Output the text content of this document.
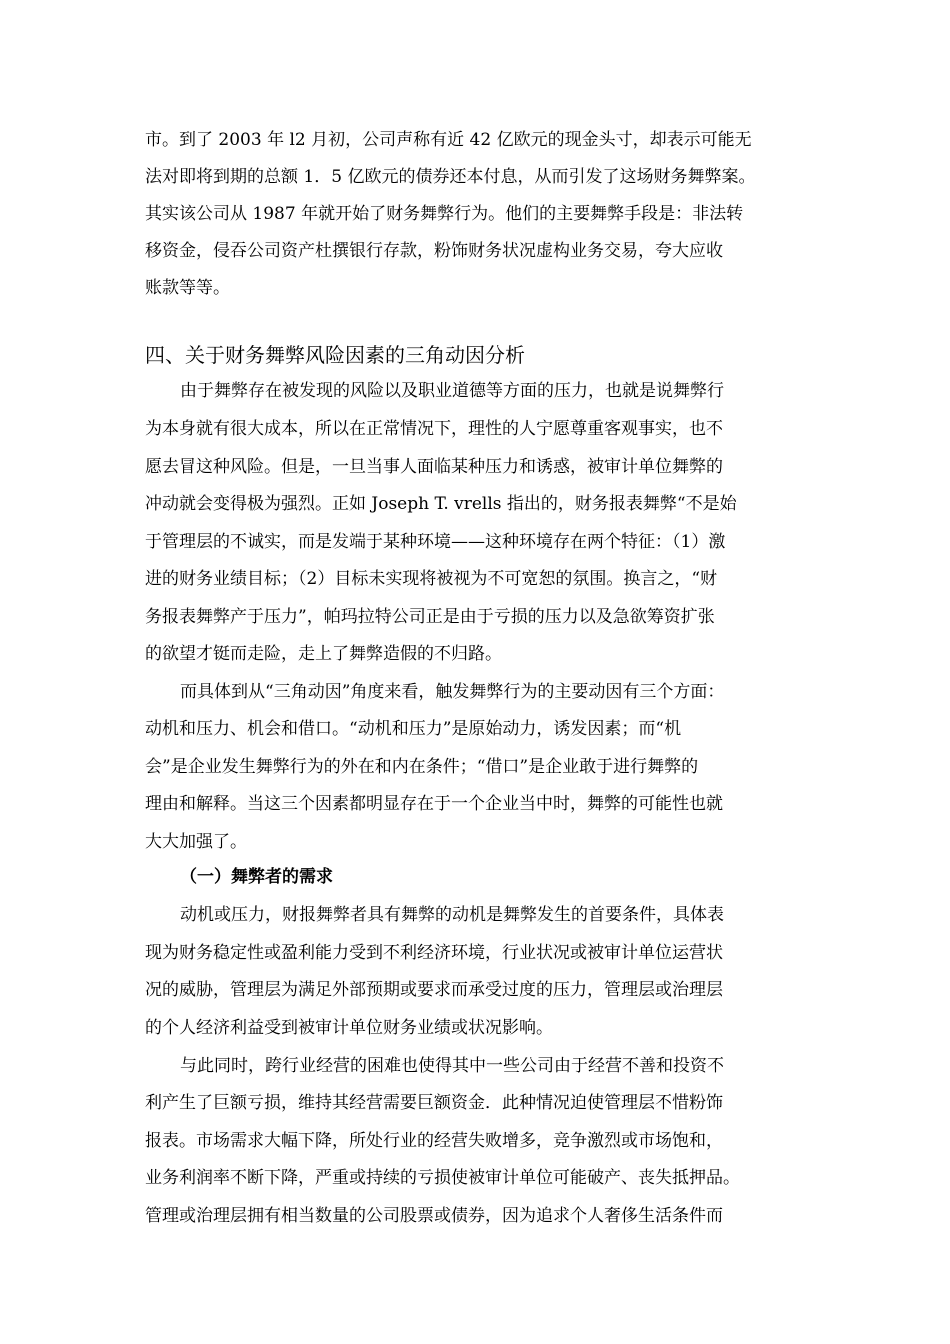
市。到了 2003 年 l2 月初，公司声称有近 42 亿欧元的现金头寸，却表示可能无
法对即将到期的总额 1．5 亿欧元的债券还本付息，从而引发了这场财务舞弊案。
其实该公司从 1987 年就开始了财务舞弊行为。他们的主要舞弊手段是：非法转
移资金，侵吞公司资产杜撰银行存款，粉饰财务状况虚构业务交易，夸大应收
账款等等。
四、关于财务舞弊风险因素的三角动因分析
由于舞弊存在被发现的风险以及职业道德等方面的压力，也就是说舞弊行
为本身就有很大成本，所以在正常情况下，理性的人宁愿尊重客观事实，也不
愿去冒这种风险。但是，一旦当事人面临某种压力和诱惑，被审计单位舞弊的
冲动就会变得极为强烈。正如 Joseph T. vrells 指出的，财务报表舞弊“不是始
于管理层的不诚实，而是发端于某种环境——这种环境存在两个特征：（1）激
进的财务业绩目标；（2）目标未实现将被视为不可宽恕的氛围。换言之，“财
务报表舞弊产于压力”，帕玛拉特公司正是由于亏损的压力以及急欲筹资扩张
的欲望才铤而走险，走上了舞弊造假的不归路。
而具体到从“三角动因”角度来看，触发舞弊行为的主要动因有三个方面：
动机和压力、机会和借口。“动机和压力”是原始动力，诱发因素；而“机
会”是企业发生舞弊行为的外在和内在条件；“借口”是企业敢于进行舞弊的
理由和解释。当这三个因素都明显存在于一个企业当中时，舞弊的可能性也就
大大加强了。
（一）舞弊者的需求
动机或压力，财报舞弊者具有舞弊的动机是舞弊发生的首要条件，具体表
现为财务稳定性或盈利能力受到不利经济环境，行业状况或被审计单位运营状
况的威胁，管理层为满足外部预期或要求而承受过度的压力，管理层或治理层
的个人经济利益受到被审计单位财务业绩或状况影响。
与此同时，跨行业经营的困难也使得其中一些公司由于经营不善和投资不
利产生了巨额亏损，维持其经营需要巨额资金．此种情况迫使管理层不惜粉饰
报表。市场需求大幅下降，所处行业的经营失败增多，竞争激烈或市场饱和，
业务利润率不断下降，严重或持续的亏损使被审计单位可能破产、丧失抵押品。
管理或治理层拥有相当数量的公司股票或债券，因为追求个人奢侈生活条件而
